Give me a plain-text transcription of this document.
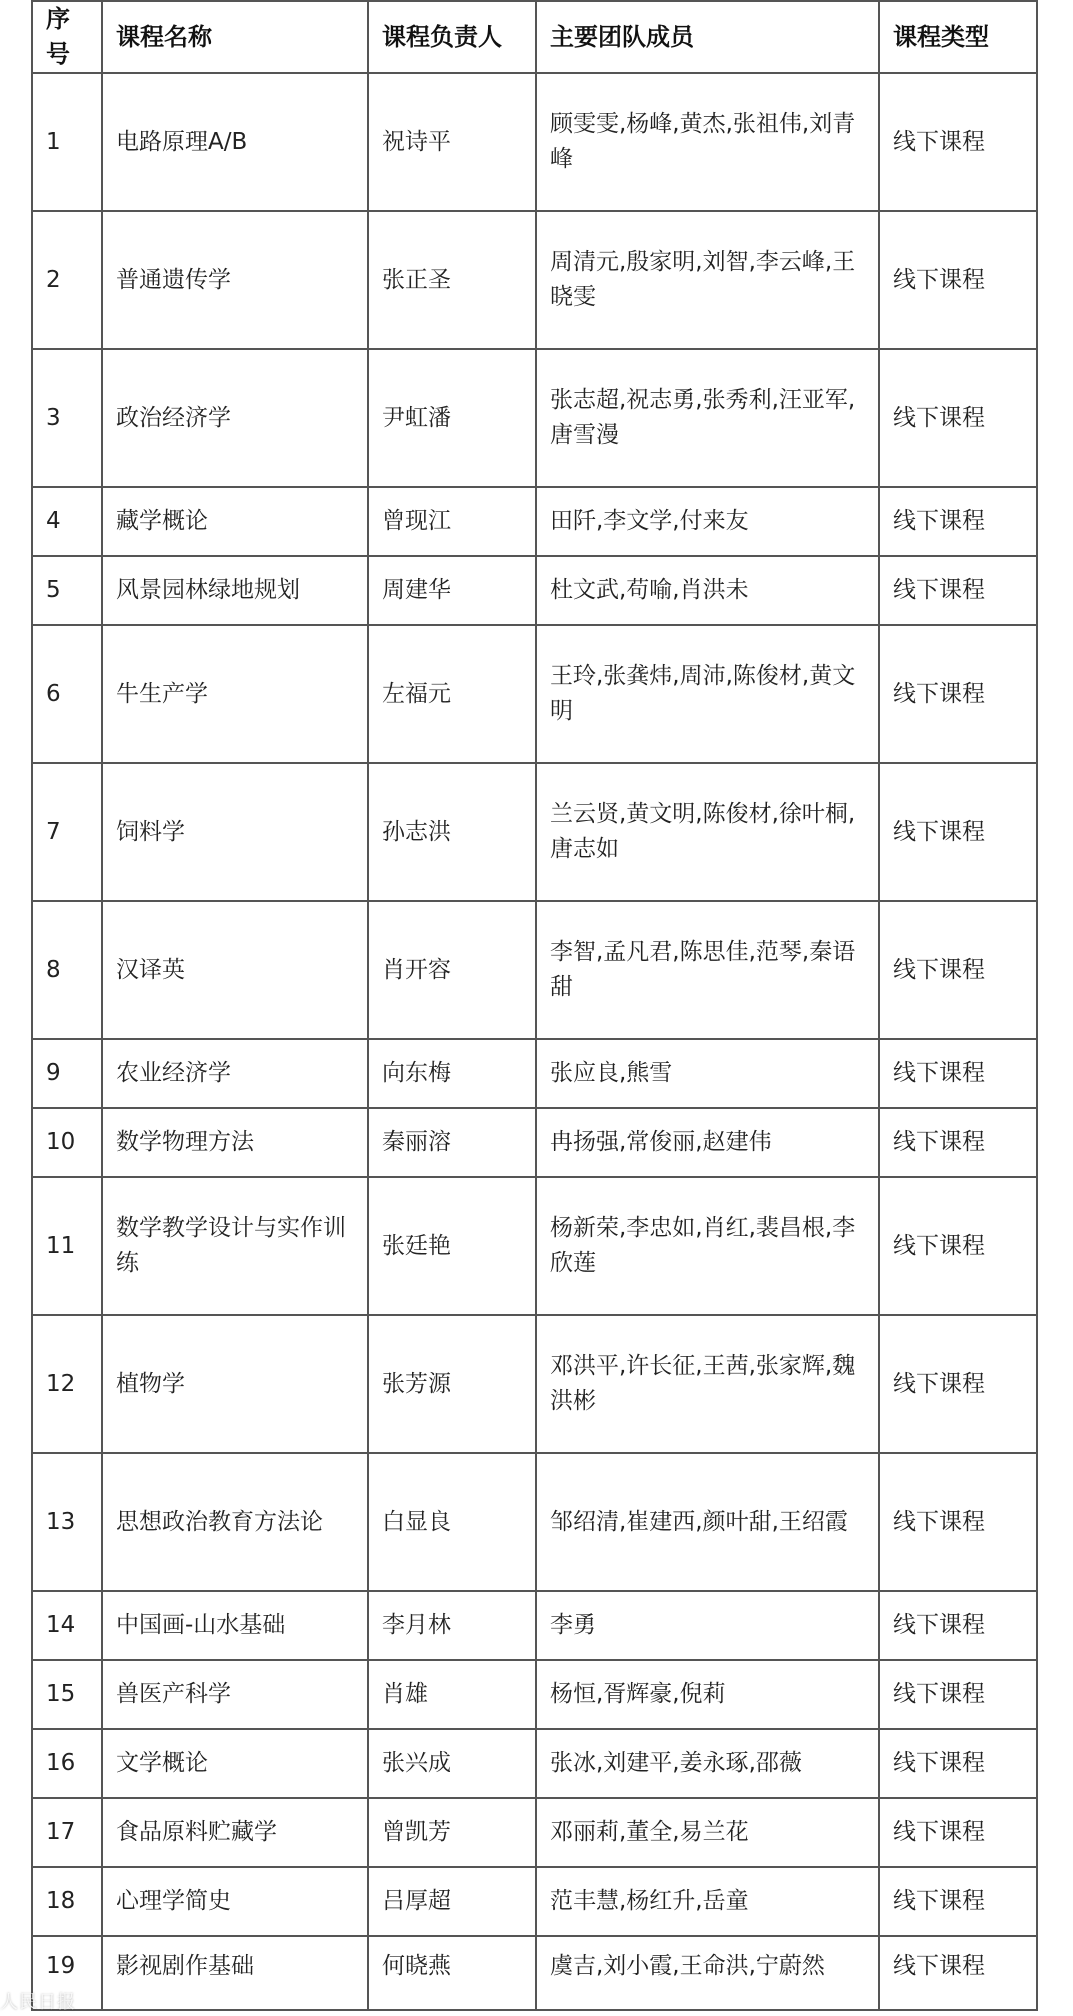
序号	课程名称	课程负责人	主要团队成员	课程类型
1	电路原理A/B	祝诗平	顾雯雯,杨峰,黄杰,张祖伟,刘青峰	线下课程
2	普通遗传学	张正圣	周清元,殷家明,刘智,李云峰,王晓雯	线下课程
3	政治经济学	尹虹潘	张志超,祝志勇,张秀利,汪亚军,唐雪漫	线下课程
4	藏学概论	曾现江	田阡,李文学,付来友	线下课程
5	风景园林绿地规划	周建华	杜文武,苟喻,肖洪未	线下课程
6	牛生产学	左福元	王玲,张龚炜,周沛,陈俊材,黄文明	线下课程
7	饲料学	孙志洪	兰云贤,黄文明,陈俊材,徐叶桐,唐志如	线下课程
8	汉译英	肖开容	李智,孟凡君,陈思佳,范琴,秦语甜	线下课程
9	农业经济学	向东梅	张应良,熊雪	线下课程
10	数学物理方法	秦丽溶	冉扬强,常俊丽,赵建伟	线下课程
11	数学教学设计与实作训练	张廷艳	杨新荣,李忠如,肖红,裴昌根,李欣莲	线下课程
12	植物学	张芳源	邓洪平,许长征,王茜,张家辉,魏洪彬	线下课程
13	思想政治教育方法论	白显良	邹绍清,崔建西,颜叶甜,王绍霞	线下课程
14	中国画-山水基础	李月林	李勇	线下课程
15	兽医产科学	肖雄	杨恒,胥辉豪,倪莉	线下课程
16	文学概论	张兴成	张冰,刘建平,姜永琢,邵薇	线下课程
17	食品原料贮藏学	曾凯芳	邓丽莉,董全,易兰花	线下课程
18	心理学简史	吕厚超	范丰慧,杨红升,岳童	线下课程
19	影视剧作基础	何晓燕	虞吉,刘小霞,王命洪,宁蔚然	线下课程
人民日报
